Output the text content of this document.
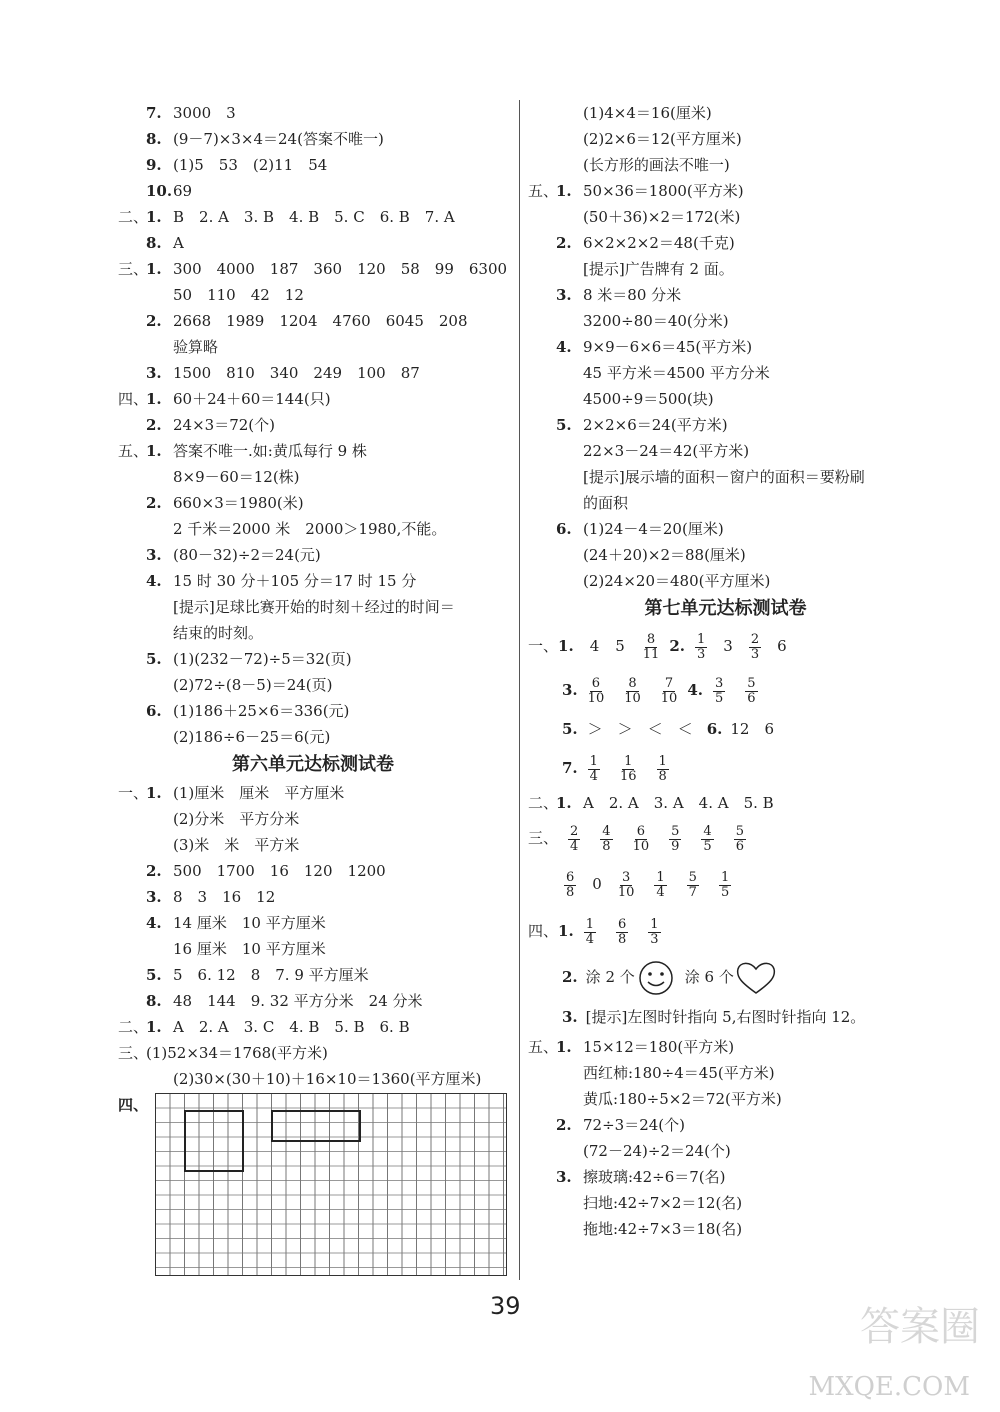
7. 3000　3
8. (9－7)×3×4＝24(答案不唯一)
9. (1)5　53　(2)11　54
10. 69
二、
1. B　2. A　3. B　4. B　5. C　6. B　7. A
8. A
三、
1. 300　4000　187　360　120　58　99　6300
50　110　42　12
2. 2668　1989　1204　4760　6045　208
验算略
3. 1500　810　340　249　100　87
四、
1. 60＋24＋60＝144(只)
2. 24×3＝72(个)
五、
1. 答案不唯一.如:黄瓜每行 9 株
8×9－60＝12(株)
2. 660×3＝1980(米)
2 千米＝2000 米　2000＞1980,不能。
3. (80－32)÷2＝24(元)
4. 15 时 30 分＋105 分＝17 时 15 分
[提示]足球比赛开始的时刻＋经过的时间＝
结束的时刻。
5. (1)(232－72)÷5＝32(页)
(2)72÷(8－5)＝24(页)
6. (1)186＋25×6＝336(元)
(2)186÷6－25＝6(元)
第六单元达标测试卷
一、
1. (1)厘米　厘米　平方厘米
(2)分米　平方分米
(3)米　米　平方米
2. 500　1700　16　120　1200
3. 8　3　16　12
4. 14 厘米　10 平方厘米
16 厘米　10 平方厘米
5. 5　6. 12　8　7. 9 平方厘米
8. 48　144　9. 32 平方分米　24 分米
二、
1. A　2. A　3. C　4. B　5. B　6. B
三、
(1)52×34＝1768(平方米)
(2)30×(30＋10)＋16×10＝1360(平方厘米)
(1)4×4＝16(厘米)
(2)2×6＝12(平方厘米)
(长方形的画法不唯一)
五、
1. 50×36＝1800(平方米)
(50＋36)×2＝172(米)
2. 6×2×2×2＝48(千克)
[提示]广告牌有 2 面。
3. 8 米＝80 分米
3200÷80＝40(分米)
4. 9×9－6×6＝45(平方米)
45 平方米＝4500 平方分米
4500÷9＝500(块)
5. 2×2×6＝24(平方米)
22×3－24＝42(平方米)
[提示]展示墙的面积－窗户的面积＝要粉刷
的面积
6. (1)24－4＝20(厘米)
(24＋20)×2＝88(厘米)
(2)24×20＝480(平方厘米)
第七单元达标测试卷
一、1. 4 $5 \frac{8}{11} 2$. $\frac{1}{3} 3 \frac{2}{3} 6$
3. $\frac{6}{10} \frac{8}{10} \frac{7}{10} 4$. $\frac{3}{5} \frac{5}{6}$
5. ＞　＞　＜　＜ 6. 12　6
7. $\frac{1}{4} \frac{1}{16} \frac{1}{8}$
二、
1. A　2. A　3. A　4. A　5. B
三、 $\frac{2}{4} \frac{4}{8} \frac{6}{10} \frac{5}{9} \frac{4}{5} \frac{5}{6}$
$\frac{6}{8} 0 \frac{3}{10} \frac{1}{4} \frac{5}{7} \frac{1}{5}$
四、1. $\frac{1}{4} \frac{6}{8} \frac{1}{3}$
2. 涂 2 个	涂 6 个
3. [提示]左图时针指向 5,右图时针指向 12。
五、
1. 15×12＝180(平方米)
西红柿:180÷4＝45(平方米)
黄瓜:180÷5×2＝72(平方米)
2. 72÷3＝24(个)
(72－24)÷2＝24(个)
3. 擦玻璃:42÷6＝7(名)
扫地:42÷7×2＝12(名)
拖地:42÷7×3＝18(名)
四、
39	答案圈
MXQE.COM
